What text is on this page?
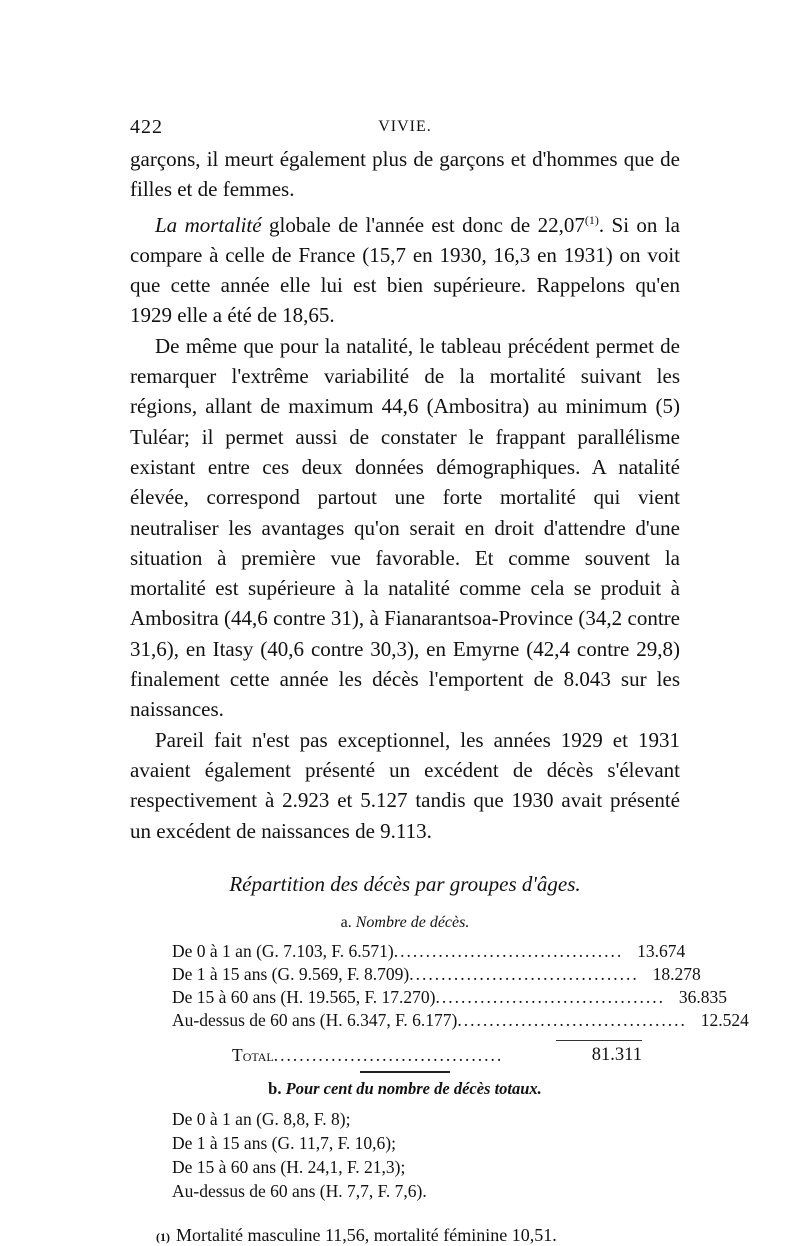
422	VIVIE.

garçons, il meurt également plus de garçons et d'hommes que de filles et de femmes.

La mortalité globale de l'année est donc de 22,07$^{(1)}$. Si on la compare à celle de France (15,7 en 1930, 16,3 en 1931) on voit que cette année elle lui est bien supérieure. Rappelons qu'en 1929 elle a été de 18,65.

De même que pour la natalité, le tableau précédent permet de remarquer l'extrême variabilité de la mortalité suivant les régions, allant de maximum 44,6 (Ambositra) au minimum (5) Tuléar; il permet aussi de constater le frappant parallélisme existant entre ces deux données démographiques. A natalité élevée, correspond partout une forte mortalité qui vient neutraliser les avantages qu'on serait en droit d'attendre d'une situation à première vue favorable. Et comme souvent la mortalité est supérieure à la natalité comme cela se produit à Ambositra (44,6 contre 31), à Fianarantsoa-Province (34,2 contre 31,6), en Itasy (40,6 contre 30,3), en Emyrne (42,4 contre 29,8) finalement cette année les décès l'emportent de 8.043 sur les naissances.

Pareil fait n'est pas exceptionnel, les années 1929 et 1931 avaient également présenté un excédent de décès s'élevant respectivement à 2.923 et 5.127 tandis que 1930 avait présenté un excédent de naissances de 9.113.

Répartition des décès par groupes d'âges.
a. Nombre de décès.
De 0 à 1 an (G. 7.103, F. 6.571) .................................... 13.674
De 1 à 15 ans (G. 9.569, F. 8.709) .................................... 18.278
De 15 à 60 ans (H. 19.565, F. 17.270) .................................... 36.835
Au-dessus de 60 ans (H. 6.347, F. 6.177) .................................... 12.524
Total ....................................	81.311
b. Pour cent du nombre de décès totaux.
De 0 à 1 an (G. 8,8, F. 8);
De 1 à 15 ans (G. 11,7, F. 10,6);
De 15 à 60 ans (H. 24,1, F. 21,3);
Au-dessus de 60 ans (H. 7,7, F. 7,6).
(1) Mortalité masculine 11,56, mortalité féminine 10,51.
